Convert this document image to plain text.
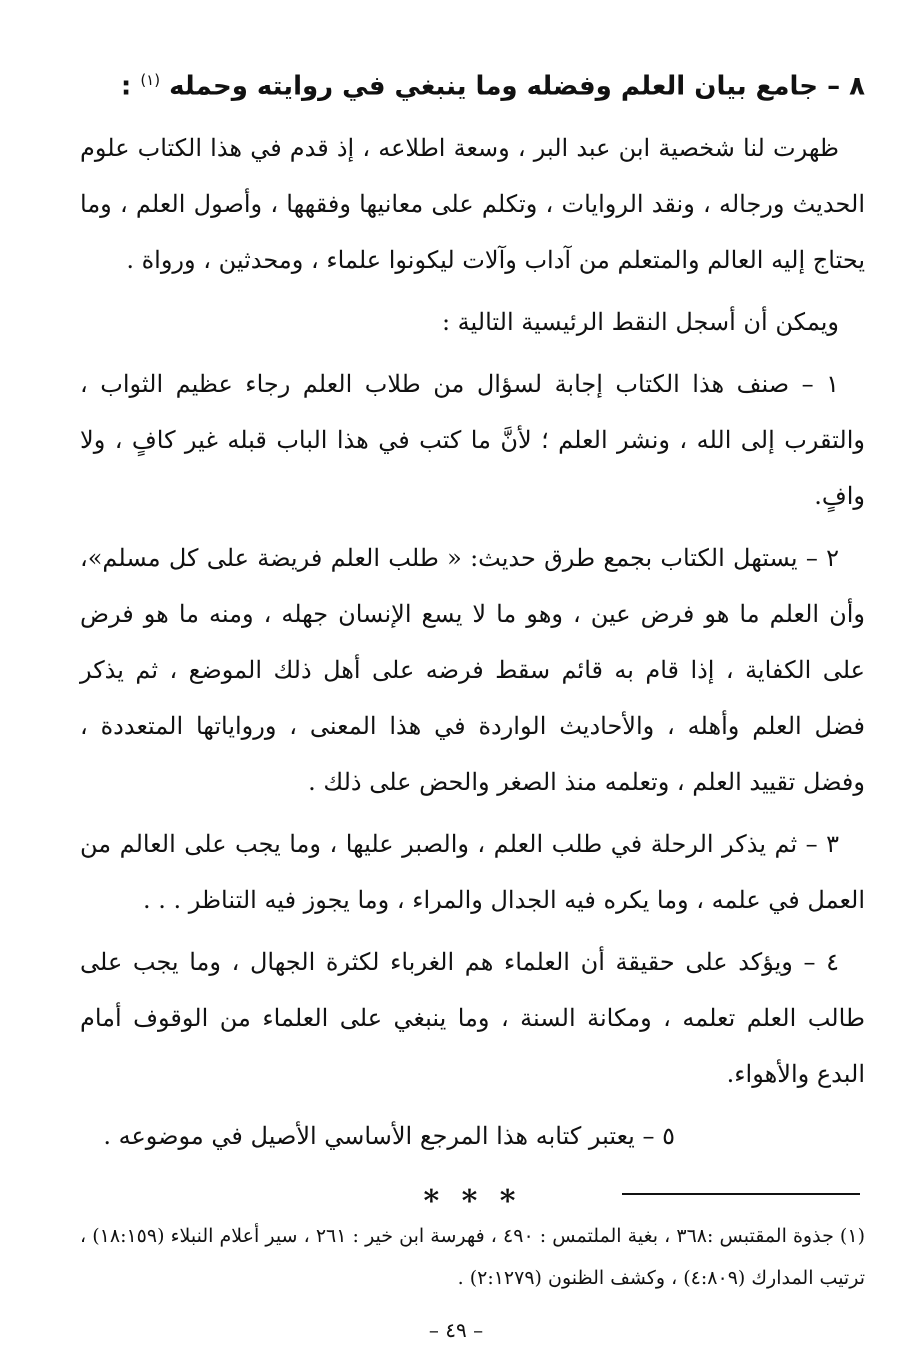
٨ – جامع بيان العلم وفضله وما ينبغي في روايته وحمله $^{(١)}$ :

ظهرت لنا شخصية ابن عبد البر ، وسعة اطلاعه ، إذ قدم في هذا الكتاب علوم الحديث ورجاله ، ونقد الروايات ، وتكلم على معانيها وفقهها ، وأصول العلم ، وما يحتاج إليه العالم والمتعلم من آداب وآلات ليكونوا علماء ، ومحدثين ، ورواة .

ويمكن أن أسجل النقط الرئيسية التالية :

١ – صنف هذا الكتاب إجابة لسؤال من طلاب العلم رجاء عظيم الثواب ، والتقرب إلى الله ، ونشر العلم ؛ لأنَّ ما كتب في هذا الباب قبله غير كافٍ ، ولا وافٍ.

٢ – يستهل الكتاب بجمع طرق حديث: « طلب العلم فريضة على كل مسلم»، وأن العلم ما هو فرض عين ، وهو ما لا يسع الإنسان جهله ، ومنه ما هو فرض على الكفاية ، إذا قام به قائم سقط فرضه على أهل ذلك الموضع ، ثم يذكر فضل العلم وأهله ، والأحاديث الواردة في هذا المعنى ، ورواياتها المتعددة ، وفضل تقييد العلم ، وتعلمه منذ الصغر والحض على ذلك .

٣ – ثم يذكر الرحلة في طلب العلم ، والصبر عليها ، وما يجب على العالم من العمل في علمه ، وما يكره فيه الجدال والمراء ، وما يجوز فيه التناظر . . .

٤ – ويؤكد على حقيقة أن العلماء هم الغرباء لكثرة الجهال ، وما يجب على طالب العلم تعلمه ، ومكانة السنة ، وما ينبغي على العلماء من الوقوف أمام البدع والأهواء.

٥ – يعتبر كتابه هذا المرجع الأساسي الأصيل في موضوعه .

* * *
(١) جذوة المقتبس :٣٦٨ ، بغية الملتمس : ٤٩٠ ، فهرسة ابن خير : ٢٦١ ، سير أعلام النبلاء (١٨:١٥٩) ، ترتيب المدارك (٤:٨٠٩) ، وكشف الظنون (٢:١٢٧٩) .
– ٤٩ –
